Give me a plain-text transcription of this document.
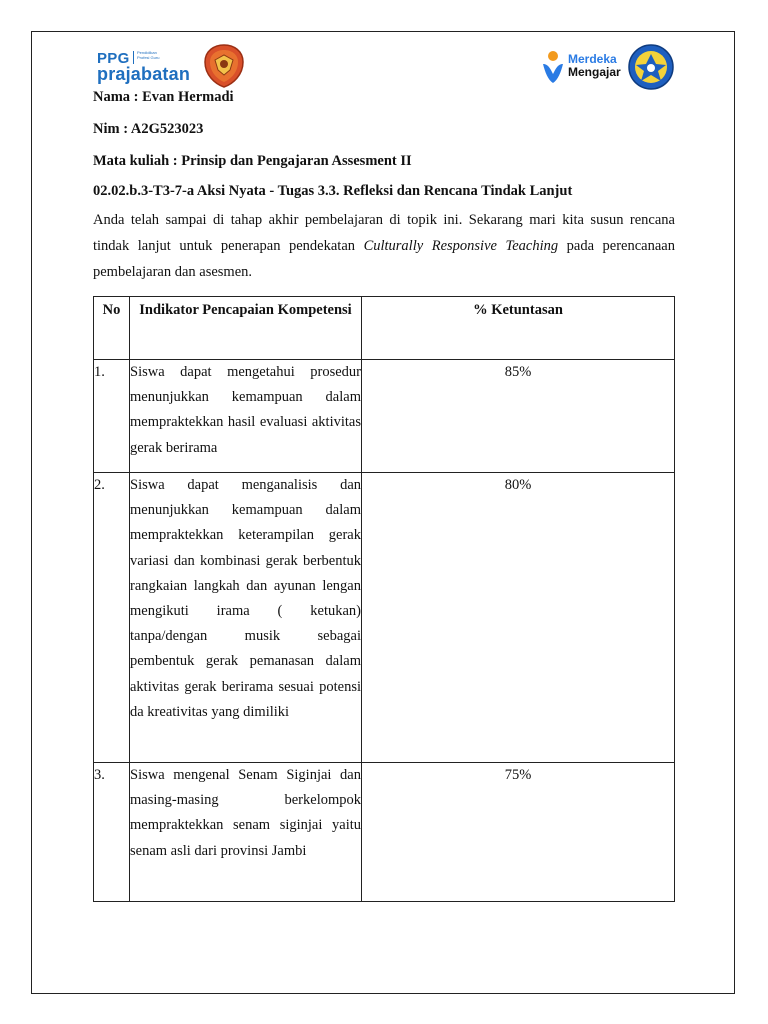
PPG Pendidikan Profesi Guru
prajabatan
Merdeka
Mengajar
Nama : Evan Hermadi
Nim : A2G523023
Mata kuliah : Prinsip dan Pengajaran Assesment II
02.02.b.3-T3-7-a Aksi Nyata - Tugas 3.3. Refleksi dan Rencana Tindak Lanjut
Anda telah sampai di tahap akhir pembelajaran di topik ini. Sekarang mari kita susun rencana tindak lanjut untuk penerapan pendekatan Culturally Responsive Teaching pada perencanaan pembelajaran dan asesmen.
No	Indikator Pencapaian Kompetensi	% Ketuntasan
1.	Siswa dapat mengetahui prosedur menunjukkan kemampuan dalam mempraktekkan hasil evaluasi aktivitas gerak berirama	85%
2.	Siswa dapat menganalisis dan menunjukkan kemampuan dalam mempraktekkan keterampilan gerak variasi dan kombinasi gerak berbentuk rangkaian langkah dan ayunan lengan mengikuti irama ( ketukan) tanpa/dengan musik sebagai pembentuk gerak pemanasan dalam aktivitas gerak berirama sesuai potensi da kreativitas yang dimiliki	80%
3.	Siswa mengenal Senam Siginjai dan masing-masing berkelompok mempraktekkan senam siginjai yaitu senam asli dari provinsi Jambi	75%
